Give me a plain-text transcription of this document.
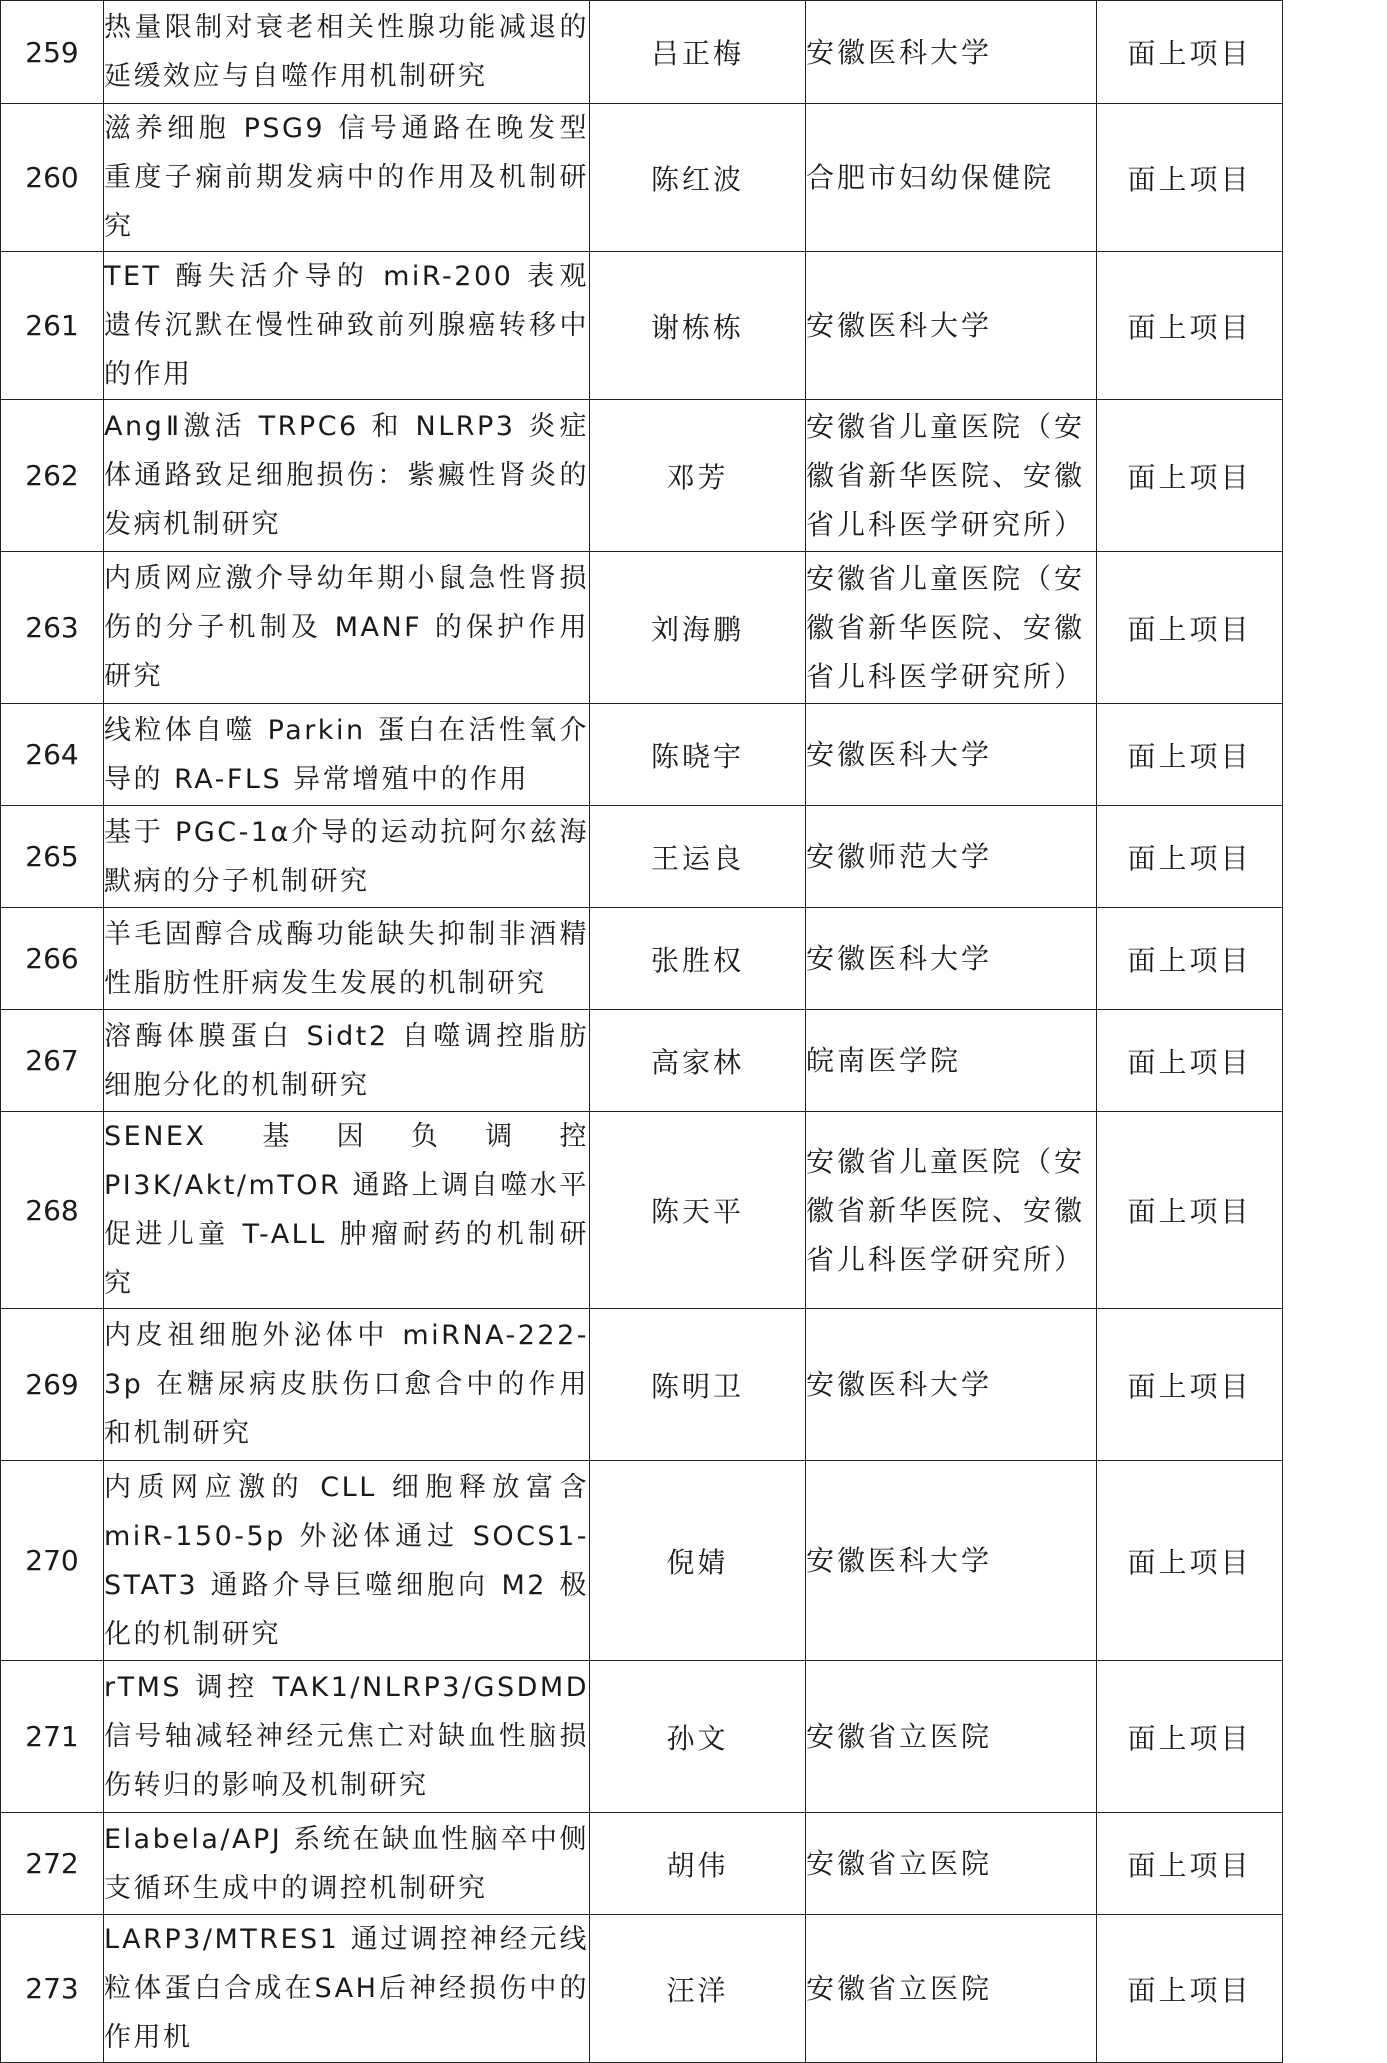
259	热量限制对衰老相关性腺功能减退的延缓效应与自噬作用机制研究	吕正梅	安徽医科大学	面上项目
260	滋养细胞 PSG9 信号通路在晚发型重度子痫前期发病中的作用及机制研究	陈红波	合肥市妇幼保健院	面上项目
261	TET 酶失活介导的 miR-200 表观遗传沉默在慢性砷致前列腺癌转移中的作用	谢栋栋	安徽医科大学	面上项目
262	AngⅡ激活 TRPC6 和 NLRP3 炎症体通路致足细胞损伤：紫癜性肾炎的发病机制研究	邓芳	安徽省儿童医院（安徽省新华医院、安徽省儿科医学研究所）	面上项目
263	内质网应激介导幼年期小鼠急性肾损伤的分子机制及 MANF 的保护作用研究	刘海鹏	安徽省儿童医院（安徽省新华医院、安徽省儿科医学研究所）	面上项目
264	线粒体自噬 Parkin 蛋白在活性氧介导的 RA-FLS 异常增殖中的作用	陈晓宇	安徽医科大学	面上项目
265	基于 PGC-1α介导的运动抗阿尔兹海默病的分子机制研究	王运良	安徽师范大学	面上项目
266	羊毛固醇合成酶功能缺失抑制非酒精性脂肪性肝病发生发展的机制研究	张胜权	安徽医科大学	面上项目
267	溶酶体膜蛋白 Sidt2 自噬调控脂肪细胞分化的机制研究	高家林	皖南医学院	面上项目
268	SENEX 基因负调控 PI3K/Akt/mTOR 通路上调自噬水平促进儿童 T-ALL 肿瘤耐药的机制研究	陈天平	安徽省儿童医院（安徽省新华医院、安徽省儿科医学研究所）	面上项目
269	内皮祖细胞外泌体中 miRNA-222-3p 在糖尿病皮肤伤口愈合中的作用和机制研究	陈明卫	安徽医科大学	面上项目
270	内质网应激的 CLL 细胞释放富含 miR-150-5p 外泌体通过 SOCS1-STAT3 通路介导巨噬细胞向 M2 极化的机制研究	倪婧	安徽医科大学	面上项目
271	rTMS 调控 TAK1/NLRP3/GSDMD 信号轴减轻神经元焦亡对缺血性脑损伤转归的影响及机制研究	孙文	安徽省立医院	面上项目
272	Elabela/APJ 系统在缺血性脑卒中侧支循环生成中的调控机制研究	胡伟	安徽省立医院	面上项目
273	LARP3/MTRES1 通过调控神经元线粒体蛋白合成在SAH后神经损伤中的作用机	汪洋	安徽省立医院	面上项目
